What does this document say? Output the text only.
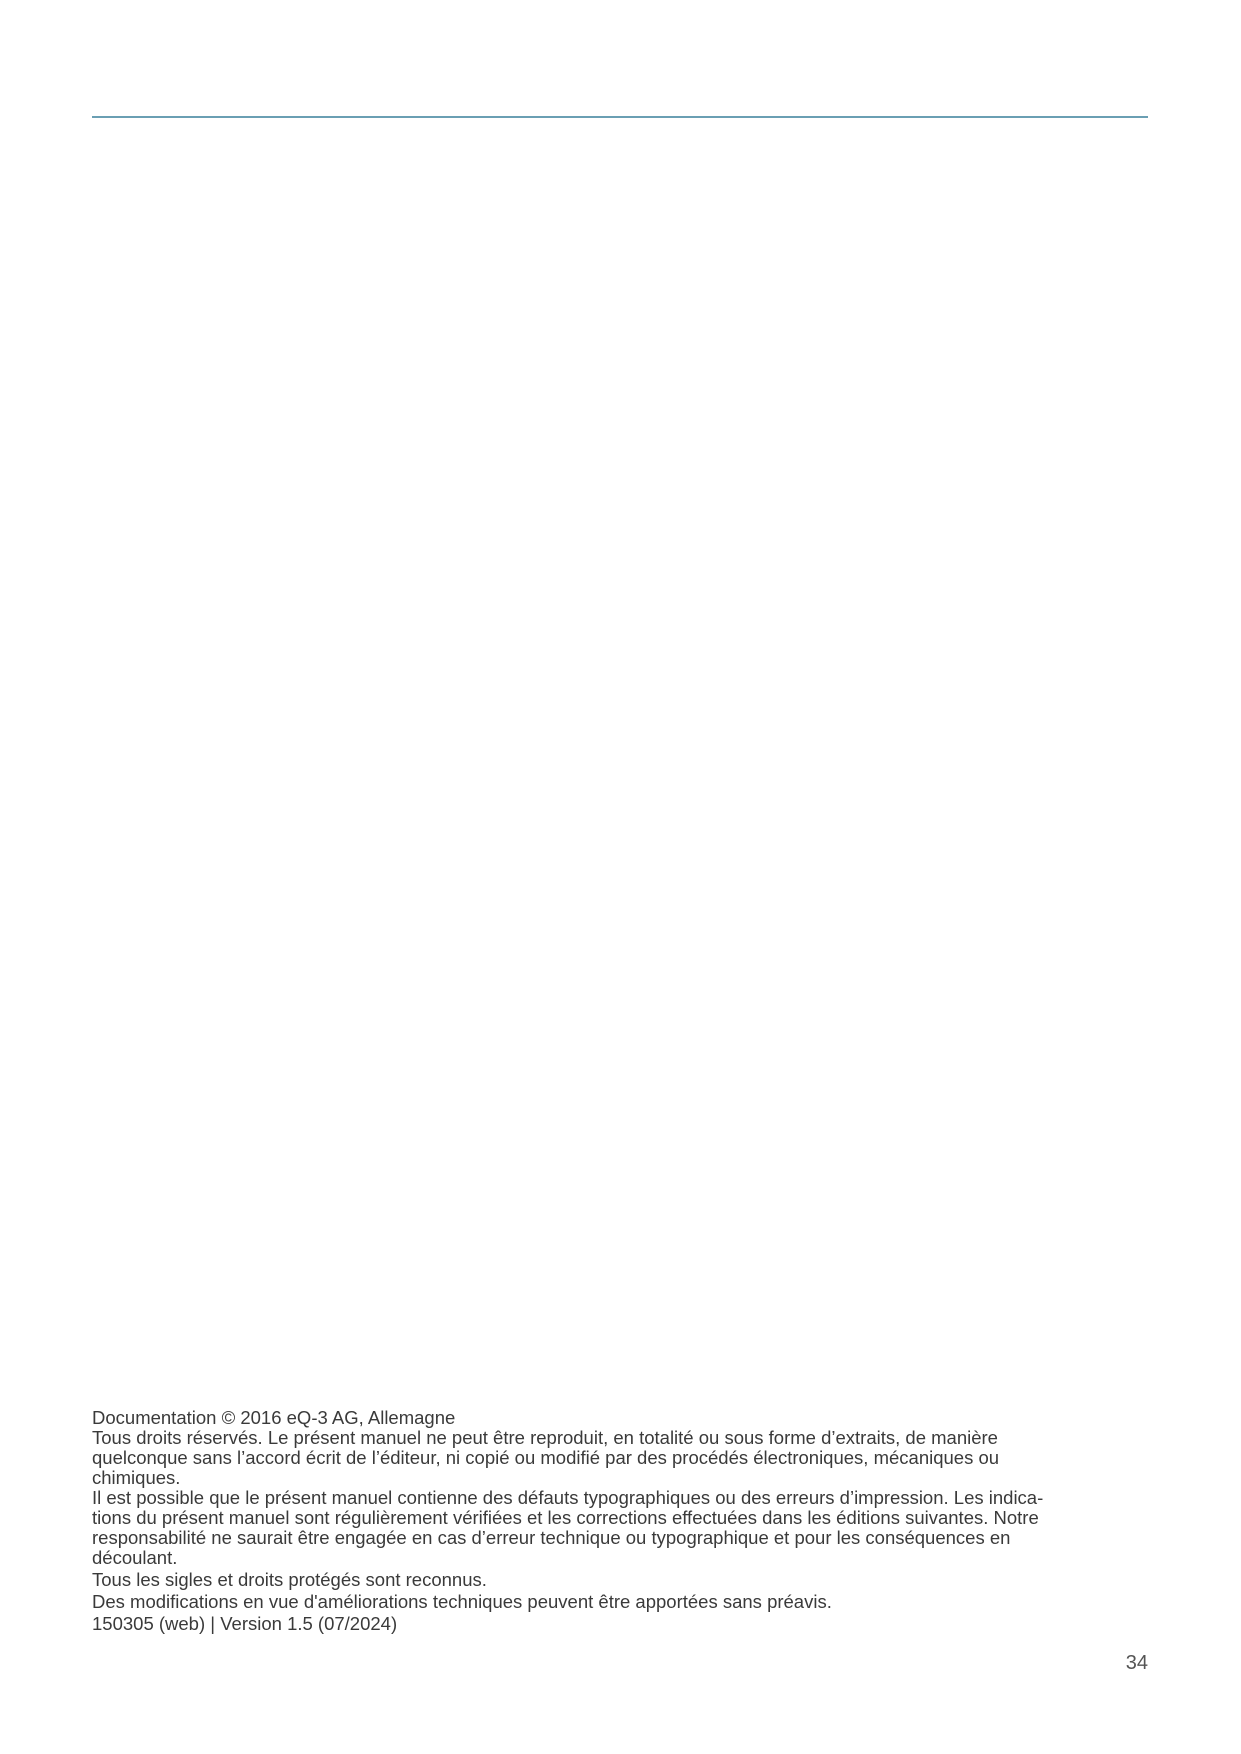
Documentation © 2016 eQ-3 AG, Allemagne

Tous droits réservés. Le présent manuel ne peut être reproduit, en totalité ou sous forme d’extraits, de manière

quelconque sans l’accord écrit de l’éditeur, ni copié ou modifié par des procédés électroniques, mécaniques ou

chimiques.

Il est possible que le présent manuel contienne des défauts typographiques ou des erreurs d’impression. Les indica-

tions du présent manuel sont régulièrement vérifiées et les corrections effectuées dans les éditions suivantes. Notre

responsabilité ne saurait être engagée en cas d’erreur technique ou typographique et pour les conséquences en

découlant.

Tous les sigles et droits protégés sont reconnus.

Des modifications en vue d'améliorations techniques peuvent être apportées sans préavis.

150305 (web) | Version 1.5 (07/2024)

34
